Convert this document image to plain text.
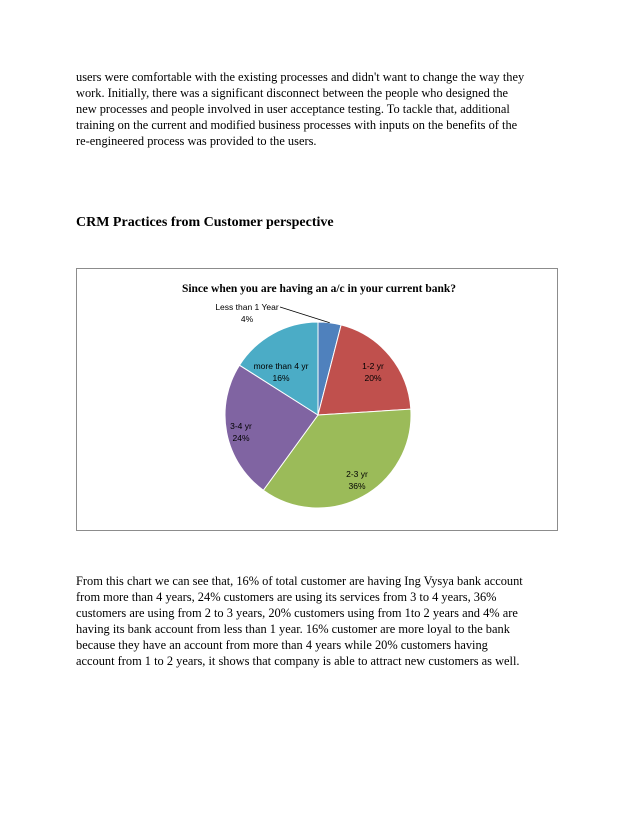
users were comfortable with the existing processes and didn't want to change the way they
work. Initially, there was a significant disconnect between the people who designed the
new processes and people involved in user acceptance testing. To tackle that, additional
training on the current and modified business processes with inputs on the benefits of the
re-engineered process was provided to the users.

CRM Practices from Customer perspective
Since when you are having an a/c in your current bank?
Less than 1 Year
4%
1-2 yr
20%
2-3 yr
36%
3-4 yr
24%
more than 4 yr
16%

From this chart we can see that, 16% of total customer are having Ing Vysya bank account
from more than 4 years, 24% customers are using its services from 3 to 4 years, 36%
customers are using from 2 to 3 years, 20% customers using from 1to 2 years and 4% are
having its bank account from less than 1 year. 16% customer are more loyal to the bank
because they have an account from more than 4 years while 20% customers having
account from 1 to 2 years, it shows that company is able to attract new customers as well.
